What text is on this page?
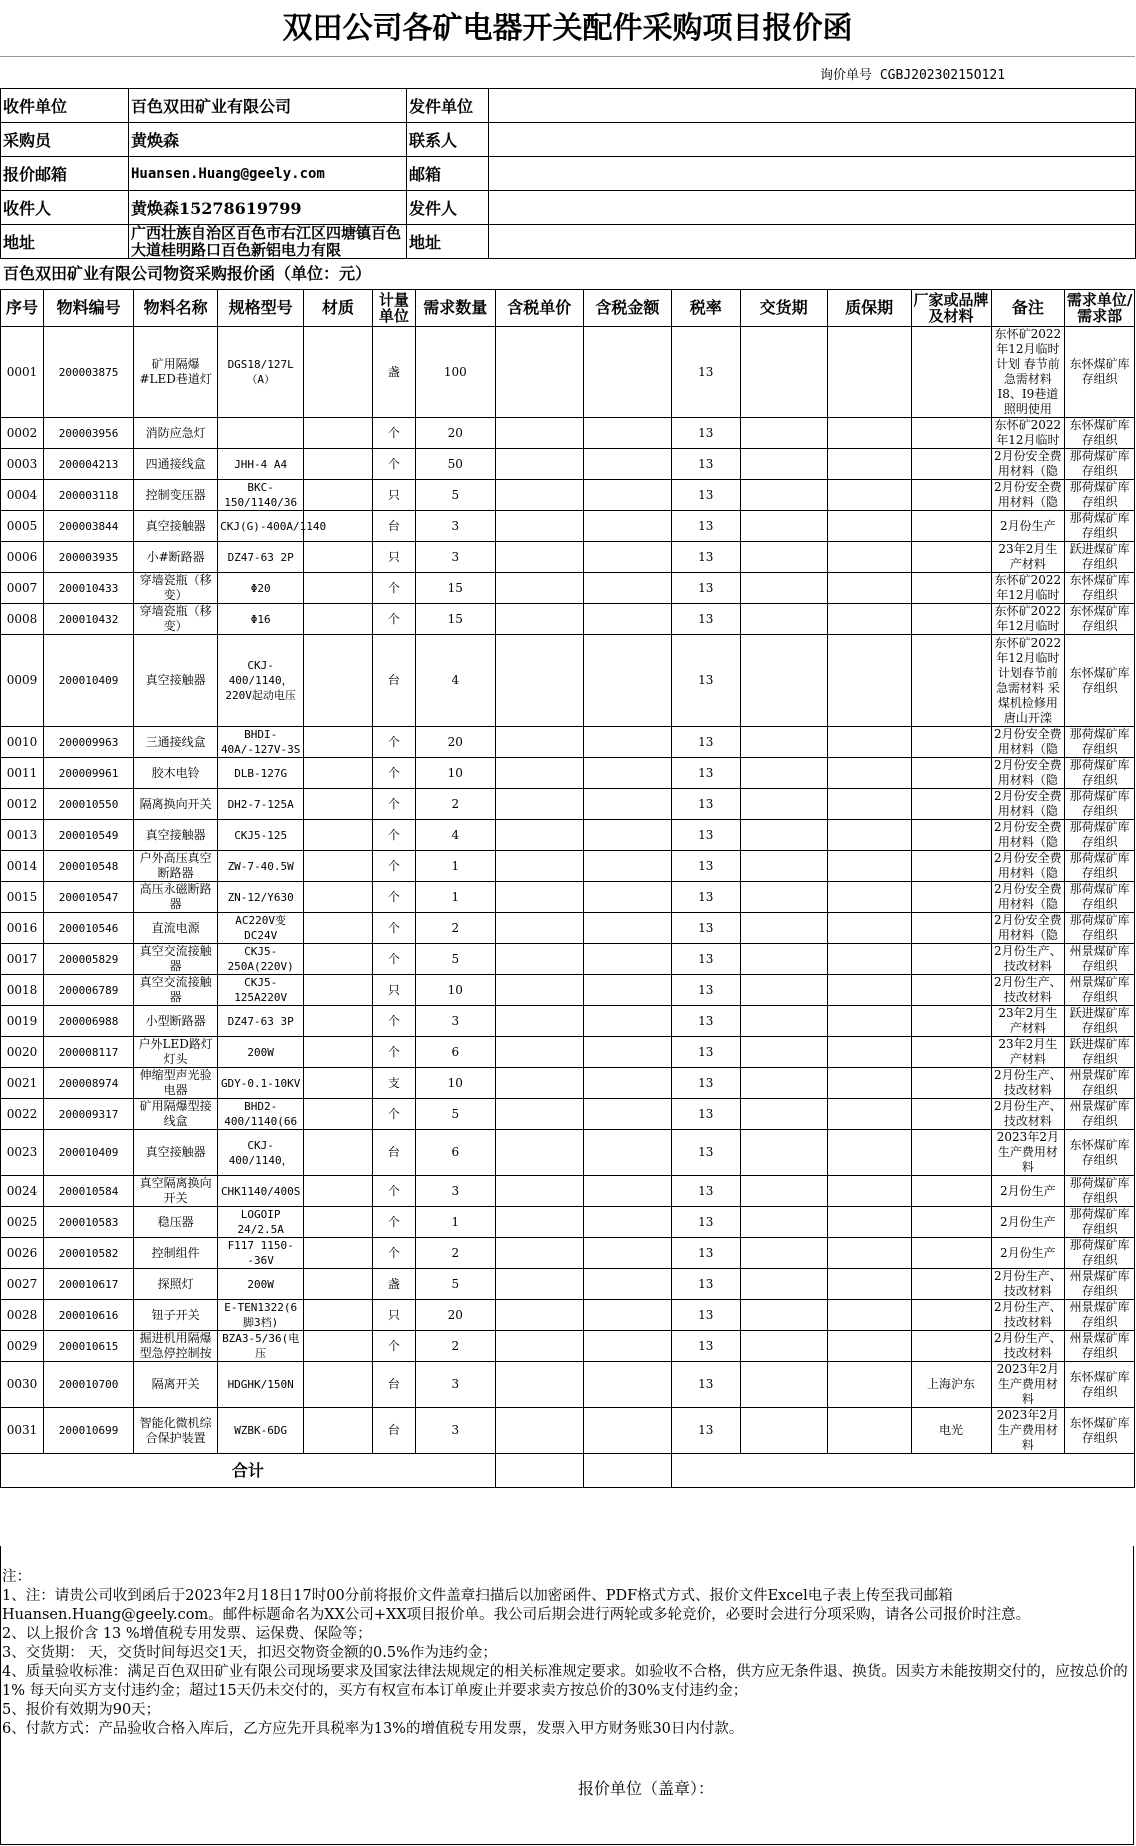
双田公司各矿电器开关配件采购项目报价函
询价单号 CGBJ20230215O121
收件单位	百色双田矿业有限公司	发件单位	
采购员	黄焕森	联系人	
报价邮箱	Huansen.Huang@geely.com	邮箱	
收件人	黄焕森15278619799	发件人	
地址	广西壮族自治区百色市右江区四塘镇百色大道桂明路口百色新铝电力有限	地址	
百色双田矿业有限公司物资采购报价函（单位：元）
序号	物料编号	物料名称	规格型号	材质	计量单位	需求数量	含税单价	含税金额	税率	交货期	质保期	厂家或品牌及材料	备注	需求单位/需求部
0001	200003875	矿用隔爆#LED巷道灯	DGS18/127L（A）		盏	100			13				东怀矿2022年12月临时计划 春节前急需材料 I8、I9巷道照明使用	东怀煤矿库存组织
0002	200003956	消防应急灯			个	20			13				东怀矿2022年12月临时	东怀煤矿库存组织
0003	200004213	四通接线盒	JHH-4 A4		个	50			13				2月份安全费用材料（隐	那荷煤矿库存组织
0004	200003118	控制变压器	BKC-150/1140/36		只	5			13				2月份安全费用材料（隐	那荷煤矿库存组织
0005	200003844	真空接触器	CKJ(G)-400A/1140		台	3			13				2月份生产	那荷煤矿库存组织
0006	200003935	小#断路器	DZ47-63 2P		只	3			13				23年2月生产材料	跃进煤矿库存组织
0007	200010433	穿墙瓷瓶（移变）	Φ20		个	15			13				东怀矿2022年12月临时	东怀煤矿库存组织
0008	200010432	穿墙瓷瓶（移变）	Φ16		个	15			13				东怀矿2022年12月临时	东怀煤矿库存组织
0009	200010409	真空接触器	CKJ-400/1140，220V起动电压		台	4			13				东怀矿2022年12月临时计划春节前急需材料 采煤机检修用唐山开滦	东怀煤矿库存组织
0010	200009963	三通接线盒	BHDI-40A/-127V-3S		个	20			13				2月份安全费用材料（隐	那荷煤矿库存组织
0011	200009961	胶木电铃	DLB-127G		个	10			13				2月份安全费用材料（隐	那荷煤矿库存组织
0012	200010550	隔离换向开关	DH2-7-125A		个	2			13				2月份安全费用材料（隐	那荷煤矿库存组织
0013	200010549	真空接触器	CKJ5-125		个	4			13				2月份安全费用材料（隐	那荷煤矿库存组织
0014	200010548	户外高压真空断路器	ZW-7-40.5W		个	1			13				2月份安全费用材料（隐	那荷煤矿库存组织
0015	200010547	高压永磁断路器	ZN-12/Y630		个	1			13				2月份安全费用材料（隐	那荷煤矿库存组织
0016	200010546	直流电源	AC220V变DC24V		个	2			13				2月份安全费用材料（隐	那荷煤矿库存组织
0017	200005829	真空交流接触器	CKJ5-250A(220V)		个	5			13				2月份生产、技改材料	州景煤矿库存组织
0018	200006789	真空交流接触器	CKJ5-125A220V		只	10			13				2月份生产、技改材料	州景煤矿库存组织
0019	200006988	小型断路器	DZ47-63 3P		个	3			13				23年2月生产材料	跃进煤矿库存组织
0020	200008117	户外LED路灯灯头	200W		个	6			13				23年2月生产材料	跃进煤矿库存组织
0021	200008974	伸缩型声光验电器	GDY-0.1-10KV		支	10			13				2月份生产、技改材料	州景煤矿库存组织
0022	200009317	矿用隔爆型接线盒	BHD2-400/1140(66		个	5			13				2月份生产、技改材料	州景煤矿库存组织
0023	200010409	真空接触器	CKJ-400/1140，		台	6			13				2023年2月生产费用材料	东怀煤矿库存组织
0024	200010584	真空隔离换向开关	CHK1140/400S		个	3			13				2月份生产	那荷煤矿库存组织
0025	200010583	稳压器	LOGOIP 24/2.5A		个	1			13				2月份生产	那荷煤矿库存组织
0026	200010582	控制组件	F117 1150--36V		个	2			13				2月份生产	那荷煤矿库存组织
0027	200010617	探照灯	200W		盏	5			13				2月份生产、技改材料	州景煤矿库存组织
0028	200010616	钮子开关	E-TEN1322(6脚3档)		只	20			13				2月份生产、技改材料	州景煤矿库存组织
0029	200010615	掘进机用隔爆型急停控制按	BZA3-5/36(电压		个	2			13				2月份生产、技改材料	州景煤矿库存组织
0030	200010700	隔离开关	HDGHK/150N		台	3			13			上海沪东	2023年2月生产费用材料	东怀煤矿库存组织
0031	200010699	智能化微机综合保护装置	WZBK-6DG		台	3			13			电光	2023年2月生产费用材料	东怀煤矿库存组织
合计														
注：
1、注：请贵公司收到函后于2023年2月18日17时00分前将报价文件盖章扫描后以加密函件、PDF格式方式、报价文件Excel电子表上传至我司邮箱
Huansen.Huang@geely.com。邮件标题命名为XX公司+XX项目报价单。我公司后期会进行两轮或多轮竞价，必要时会进行分项采购，请各公司报价时注意。
2、以上报价含 13 %增值税专用发票、运保费、保险等；
3、交货期： 天，交货时间每迟交1天，扣迟交物资金额的0.5%作为违约金；
4、质量验收标准：满足百色双田矿业有限公司现场要求及国家法律法规规定的相关标准规定要求。如验收不合格，供方应无条件退、换货。因卖方未能按期交付的，应按总价的1% 每天向买方支付违约金；超过15天仍未交付的，买方有权宣布本订单废止并要求卖方按总价的30%支付违约金；
5、报价有效期为90天；
6、付款方式：产品验收合格入库后，乙方应先开具税率为13%的增值税专用发票，发票入甲方财务账30日内付款。
报价单位（盖章）：
